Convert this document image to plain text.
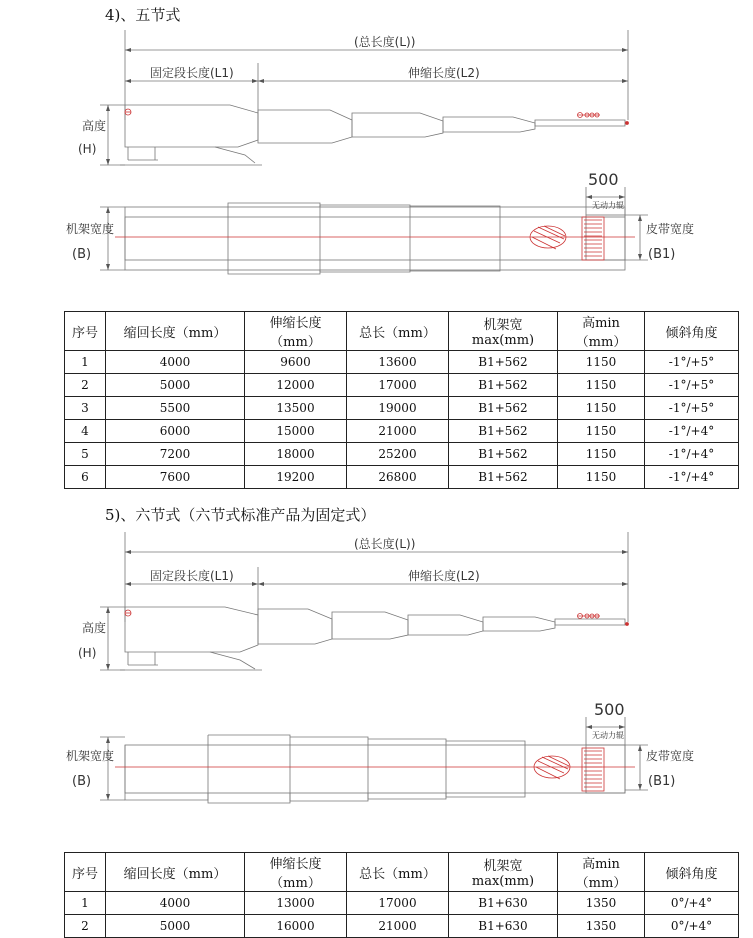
4)、五节式
(总长度(L))
固定段长度(L1)	伸缩长度(L2)
高度
(H)
500
无动力辊
机架宽度
(B)
皮带宽度
(B1)
序号	缩回长度（mm）	伸缩长度（mm）	总长（mm）	机架宽max(mm)	高min（mm）	倾斜角度
1	4000	9600	13600	B1+562	1150	-1°/+5°
2	5000	12000	17000	B1+562	1150	-1°/+5°
3	5500	13500	19000	B1+562	1150	-1°/+5°
4	6000	15000	21000	B1+562	1150	-1°/+4°
5	7200	18000	25200	B1+562	1150	-1°/+4°
6	7600	19200	26800	B1+562	1150	-1°/+4°
5)、六节式（六节式标准产品为固定式）
(总长度(L))
固定段长度(L1)	伸缩长度(L2)
高度
(H)
500
无动力辊
机架宽度
(B)
皮带宽度
(B1)
序号	缩回长度（mm）	伸缩长度（mm）	总长（mm）	机架宽max(mm)	高min（mm）	倾斜角度
1	4000	13000	17000	B1+630	1350	0°/+4°
2	5000	16000	21000	B1+630	1350	0°/+4°
